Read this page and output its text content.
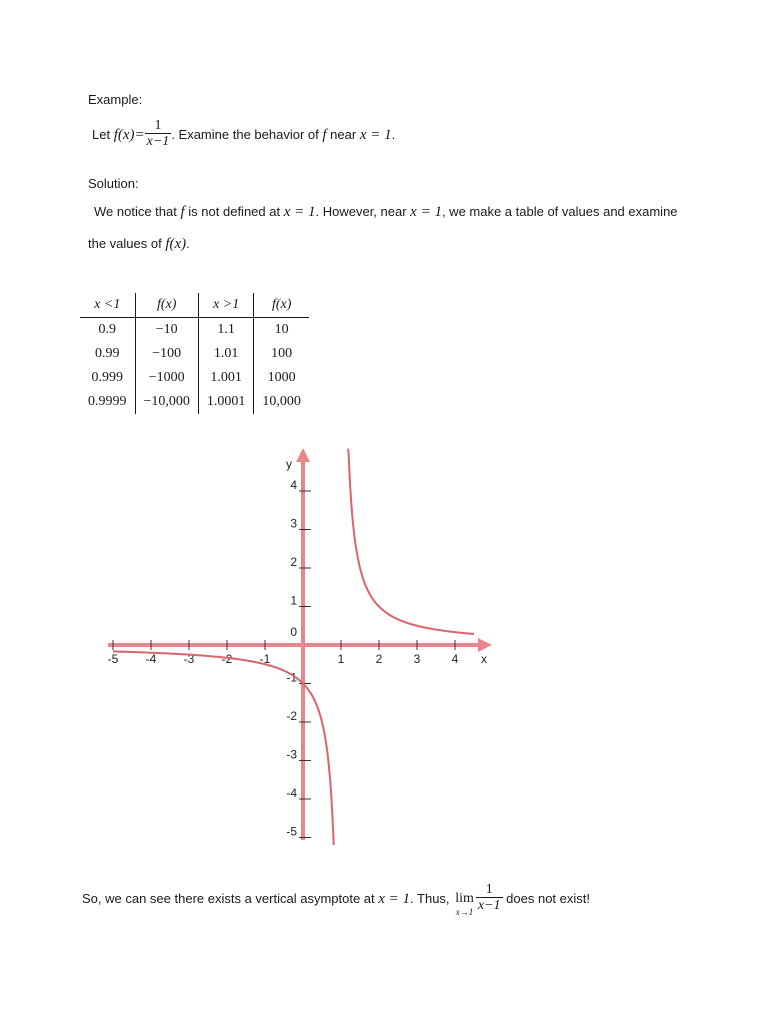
Example:
Let $f(x)= \frac{1}{x-1}$ . Examine the behavior of f near x = 1.
Solution:
We notice that f is not defined at x = 1. However, near x = 1, we make a table of values and examine
the values of f(x).
x <1	f(x)	x >1	f(x)
0.9	−10	1.1	10
0.99	−100	1.01	100
0.999	−1000	1.001	1000
0.9999	−10,000	1.0001	10,000
-5 -4 -3 -2 -1	1	2	3	4
4
3
2
1
-1
-2
-3
-4
-5
0
x
y
So, we can see there exists a vertical asymptote at x = 1. Thus, lim
$x\to 1 \frac{1}{x-1}$ does not exist!
